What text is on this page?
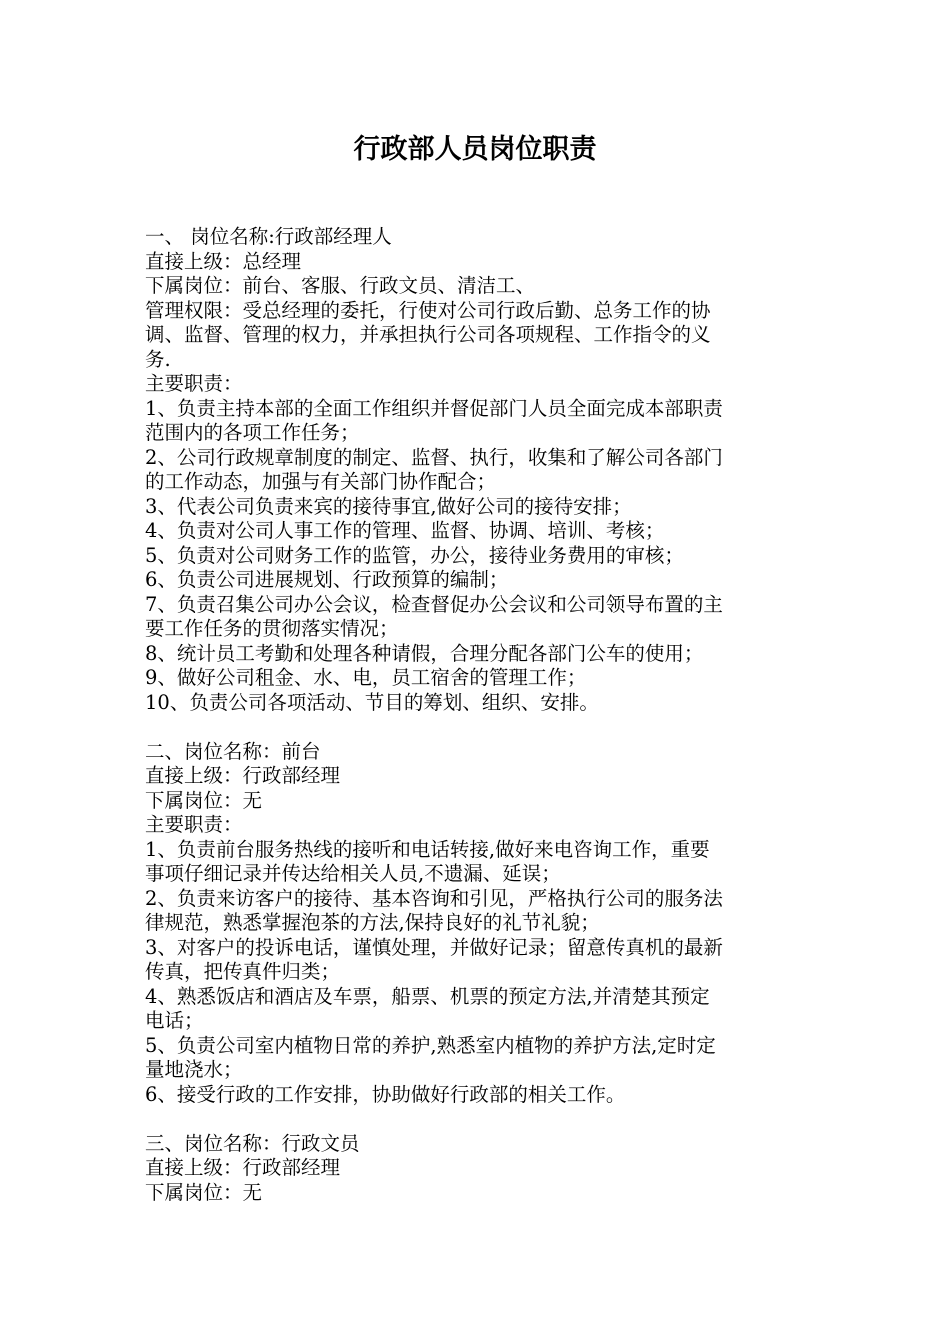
行政部人员岗位职责
一、 岗位名称:行政部经理人
直接上级：总经理
下属岗位：前台、客服、行政文员、清洁工、
管理权限：受总经理的委托，行使对公司行政后勤、总务工作的协
调、监督、管理的权力，并承担执行公司各项规程、工作指令的义
务.
主要职责：
1、负责主持本部的全面工作组织并督促部门人员全面完成本部职责
范围内的各项工作任务；
2、公司行政规章制度的制定、监督、执行，收集和了解公司各部门
的工作动态，加强与有关部门协作配合；
3、代表公司负责来宾的接待事宜,做好公司的接待安排；
4、负责对公司人事工作的管理、监督、协调、培训、考核；
5、负责对公司财务工作的监管，办公，接待业务费用的审核；
6、负责公司进展规划、行政预算的编制；
7、负责召集公司办公会议，检查督促办公会议和公司领导布置的主
要工作任务的贯彻落实情况；
8、统计员工考勤和处理各种请假，合理分配各部门公车的使用；
9、做好公司租金、水、电，员工宿舍的管理工作；
10、负责公司各项活动、节目的筹划、组织、安排。
二、岗位名称：前台
直接上级：行政部经理
下属岗位：无
主要职责：
1、负责前台服务热线的接听和电话转接,做好来电咨询工作，重要
事项仔细记录并传达给相关人员,不遗漏、延误；
2、负责来访客户的接待、基本咨询和引见，严格执行公司的服务法
律规范，熟悉掌握泡茶的方法,保持良好的礼节礼貌；
3、对客户的投诉电话，谨慎处理，并做好记录；留意传真机的最新
传真，把传真件归类；
4、熟悉饭店和酒店及车票，船票、机票的预定方法,并清楚其预定
电话；
5、负责公司室内植物日常的养护,熟悉室内植物的养护方法,定时定
量地浇水；
6、接受行政的工作安排，协助做好行政部的相关工作。
三、岗位名称：行政文员
直接上级：行政部经理
下属岗位：无
